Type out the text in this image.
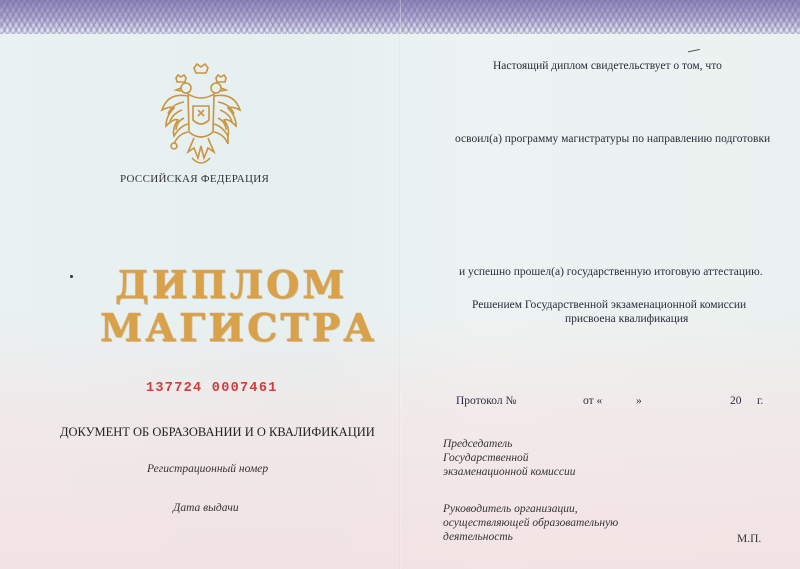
РОССИЙСКАЯ ФЕДЕРАЦИЯ
ДИПЛОМ
МАГИСТРА
137724 0007461
ДОКУМЕНТ ОБ ОБРАЗОВАНИИ И О КВАЛИФИКАЦИИ
Регистрационный номер
Дата выдачи
Настоящий диплом свидетельствует о том, что
освоил(а) программу магистратуры по направлению подготовки
и успешно прошел(а) государственную итоговую аттестацию.
Решением Государственной экзаменационной комиссии
присвоена квалификация
Протокол №	от «	»	20 г.
Председатель
Государственной
экзаменационной комиссии
Руководитель организации,
осуществляющей образовательную
деятельность	М.П.
